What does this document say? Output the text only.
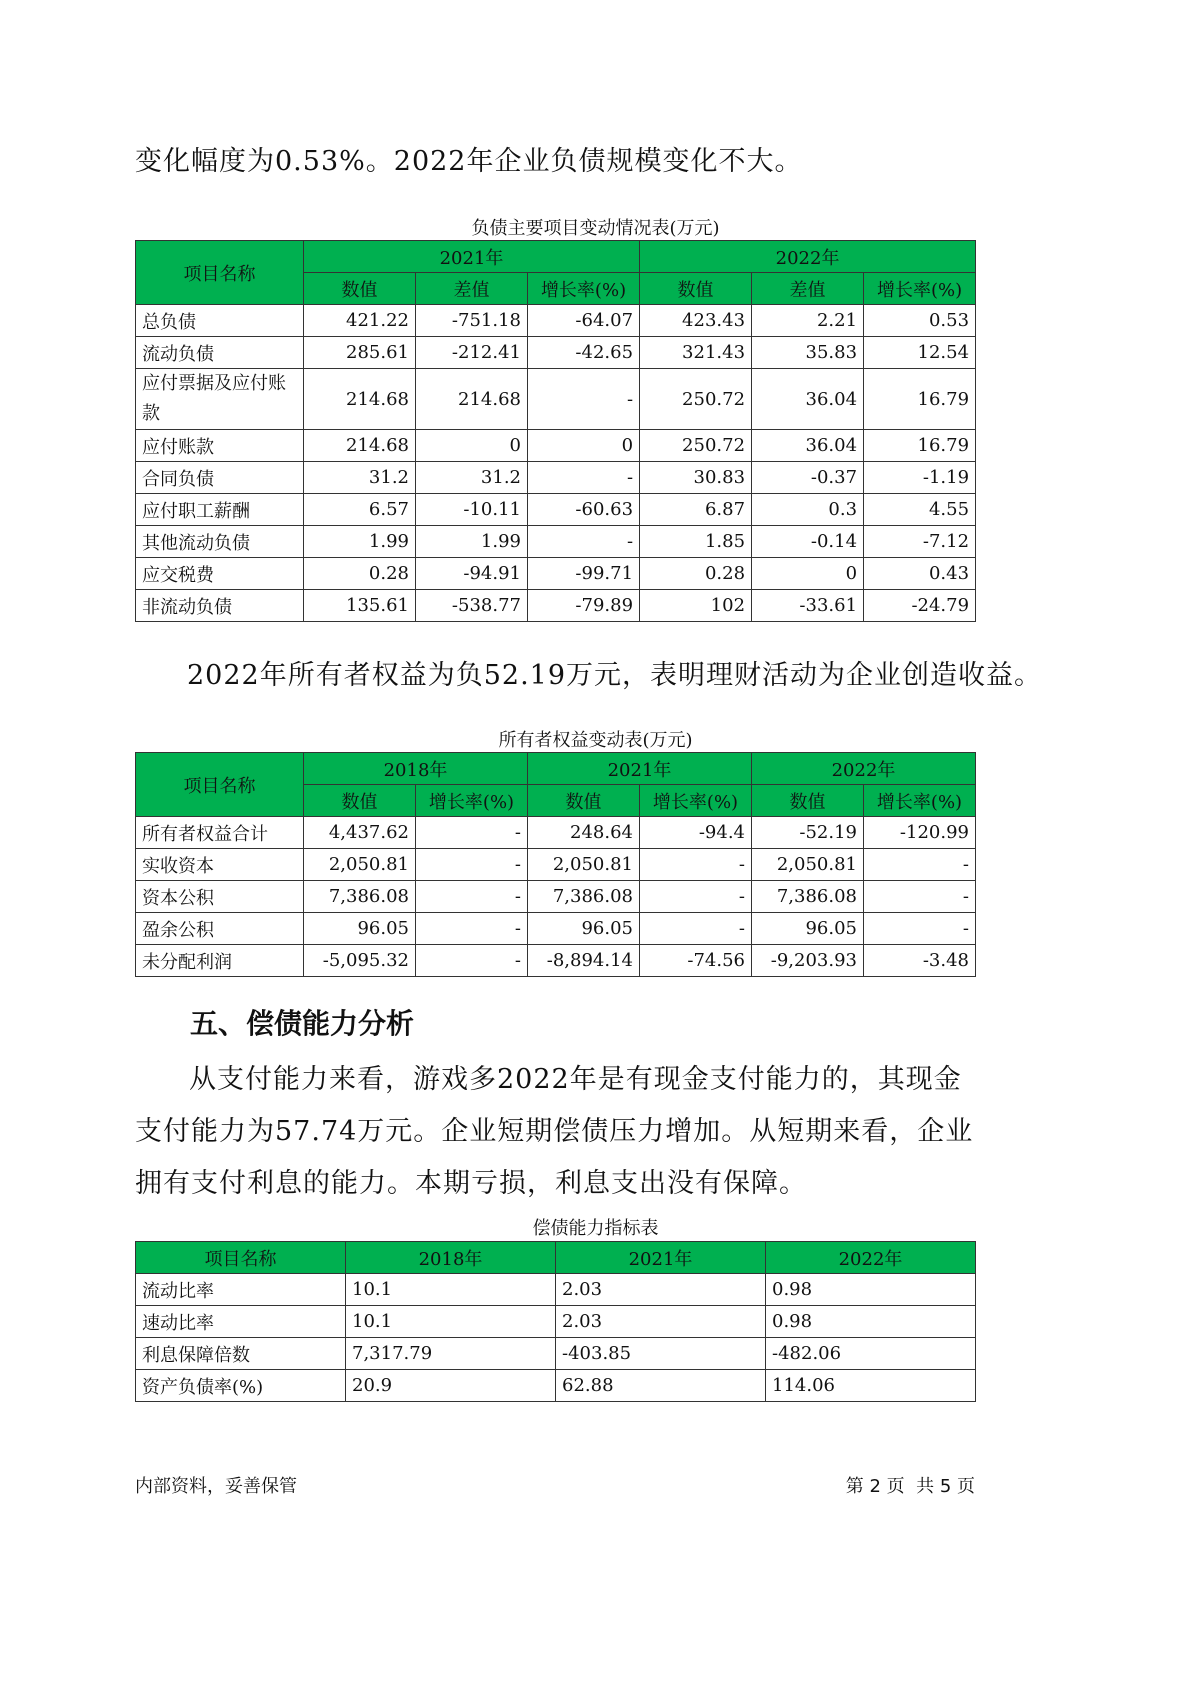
变化幅度为0.53%。2022年企业负债规模变化不大。
负债主要项目变动情况表(万元)
项目名称	2021年			2022年		
	数值	差值	增长率(%)	数值	差值	增长率(%)
总负债	421.22	-751.18	-64.07	423.43	2.21	0.53
流动负债	285.61	-212.41	-42.65	321.43	35.83	12.54
应付票据及应付账款	214.68	214.68	-	250.72	36.04	16.79
应付账款	214.68	0	0	250.72	36.04	16.79
合同负债	31.2	31.2	-	30.83	-0.37	-1.19
应付职工薪酬	6.57	-10.11	-60.63	6.87	0.3	4.55
其他流动负债	1.99	1.99	-	1.85	-0.14	-7.12
应交税费	0.28	-94.91	-99.71	0.28	0	0.43
非流动负债	135.61	-538.77	-79.89	102	-33.61	-24.79
2022年所有者权益为负52.19万元，表明理财活动为企业创造收益。
所有者权益变动表(万元)
项目名称	2018年		2021年		2022年	
	数值	增长率(%)	数值	增长率(%)	数值	增长率(%)
所有者权益合计	4,437.62	-	248.64	-94.4	-52.19	-120.99
实收资本	2,050.81	-	2,050.81	-	2,050.81	-
资本公积	7,386.08	-	7,386.08	-	7,386.08	-
盈余公积	96.05	-	96.05	-	96.05	-
未分配利润	-5,095.32	-	-8,894.14	-74.56	-9,203.93	-3.48
五、偿债能力分析
从支付能力来看，游戏多2022年是有现金支付能力的，其现金支付能力为57.74万元。企业短期偿债压力增加。从短期来看，企业拥有支付利息的能力。本期亏损，利息支出没有保障。
偿债能力指标表
项目名称	2018年	2021年	2022年
流动比率	10.1	2.03	0.98
速动比率	10.1	2.03	0.98
利息保障倍数	7,317.79	-403.85	-482.06
资产负债率(%)	20.9	62.88	114.06
内部资料，妥善保管	第 2 页  共 5 页
